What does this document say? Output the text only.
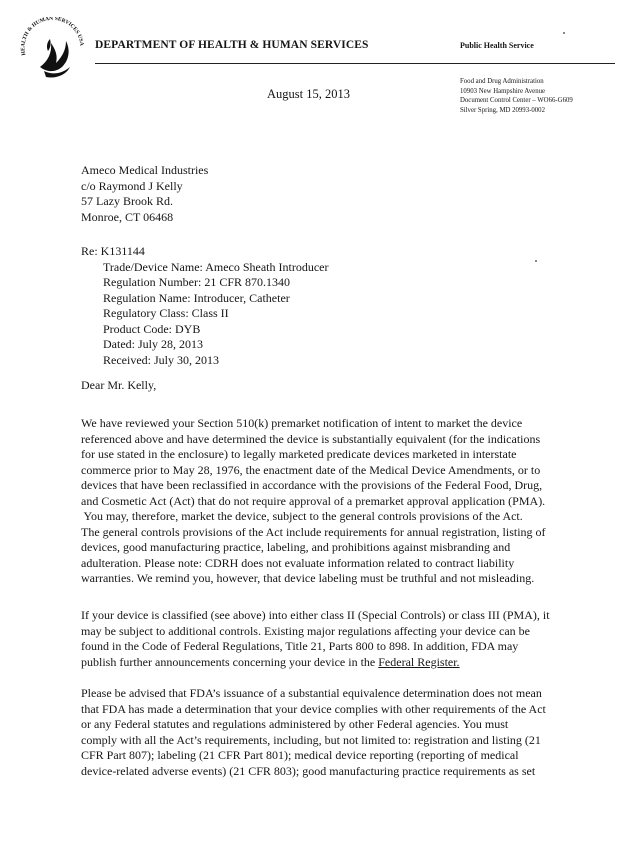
HEALTH & HUMAN SERVICES USA DEPARTMENT OF HEALTH & HUMAN SERVICES	Public Health Service
Food and Drug Administration
10903 New Hampshire Avenue
Document Control Center – WO66-G609
Silver Spring, MD 20993-0002
August 15, 2013
Ameco Medical Industries
c/o Raymond J Kelly
57 Lazy Brook Rd.
Monroe, CT 06468
Re: K131144
Trade/Device Name: Ameco Sheath Introducer
Regulation Number: 21 CFR 870.1340
Regulation Name: Introducer, Catheter
Regulatory Class: Class II
Product Code: DYB
Dated: July 28, 2013
Received: July 30, 2013
Dear Mr. Kelly,
We have reviewed your Section 510(k) premarket notification of intent to market the device
referenced above and have determined the device is substantially equivalent (for the indications
for use stated in the enclosure) to legally marketed predicate devices marketed in interstate
commerce prior to May 28, 1976, the enactment date of the Medical Device Amendments, or to
devices that have been reclassified in accordance with the provisions of the Federal Food, Drug,
and Cosmetic Act (Act) that do not require approval of a premarket approval application (PMA).
You may, therefore, market the device, subject to the general controls provisions of the Act.
The general controls provisions of the Act include requirements for annual registration, listing of
devices, good manufacturing practice, labeling, and prohibitions against misbranding and
adulteration. Please note: CDRH does not evaluate information related to contract liability
warranties. We remind you, however, that device labeling must be truthful and not misleading.
If your device is classified (see above) into either class II (Special Controls) or class III (PMA), it
may be subject to additional controls. Existing major regulations affecting your device can be
found in the Code of Federal Regulations, Title 21, Parts 800 to 898. In addition, FDA may
publish further announcements concerning your device in the Federal Register.
Please be advised that FDA’s issuance of a substantial equivalence determination does not mean
that FDA has made a determination that your device complies with other requirements of the Act
or any Federal statutes and regulations administered by other Federal agencies. You must
comply with all the Act’s requirements, including, but not limited to: registration and listing (21
CFR Part 807); labeling (21 CFR Part 801); medical device reporting (reporting of medical
device-related adverse events) (21 CFR 803); good manufacturing practice requirements as set
